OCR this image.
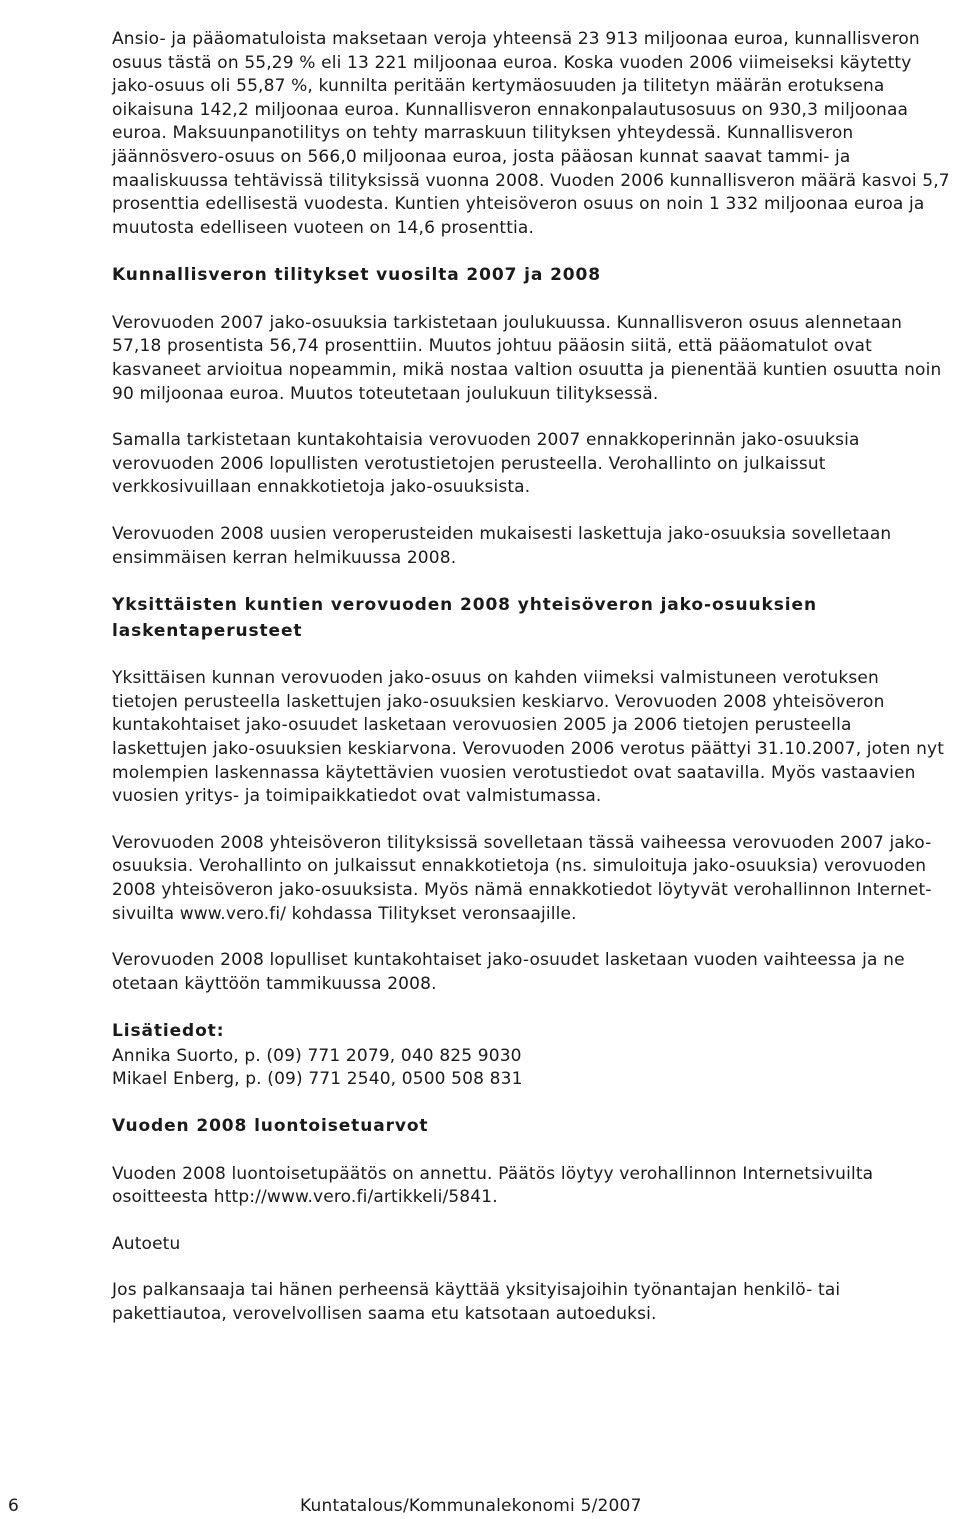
Ansio- ja pääomatuloista maksetaan veroja yhteensä 23 913 miljoonaa euroa, kunnallisveron osuus tästä on 55,29 % eli 13 221 miljoonaa euroa. Koska vuoden 2006 viimeiseksi käytetty jako-osuus oli 55,87 %, kunnilta peritään kertymäosuuden ja tilitetyn määrän erotuksena oikaisuna 142,2 miljoonaa euroa. Kunnallisveron ennakonpalautusosuus on 930,3 miljoonaa euroa. Maksuunpanotilitys on tehty marraskuun tilityksen yhteydessä. Kunnallisveron jäännösvero-osuus on 566,0 miljoonaa euroa, josta pääosan kunnat saavat tammi- ja maaliskuussa tehtävissä tilityksissä vuonna 2008. Vuoden 2006 kunnallisveron määrä kasvoi 5,7 prosenttia edellisestä vuodesta. Kuntien yhteisöveron osuus on noin 1 332 miljoonaa euroa ja muutosta edelliseen vuoteen on 14,6 prosenttia.

Kunnallisveron tilitykset vuosilta 2007 ja 2008

Verovuoden 2007 jako-osuuksia tarkistetaan joulukuussa. Kunnallisveron osuus alennetaan 57,18 prosentista 56,74 prosenttiin. Muutos johtuu pääosin siitä, että pääomatulot ovat kasvaneet arvioitua nopeammin, mikä nostaa valtion osuutta ja pienentää kuntien osuutta noin 90 miljoonaa euroa. Muutos toteutetaan joulukuun tilityksessä.

Samalla tarkistetaan kuntakohtaisia verovuoden 2007 ennakkoperinnän jako-osuuksia verovuoden 2006 lopullisten verotustietojen perusteella. Verohallinto on julkaissut verkkosivuillaan ennakkotietoja jako-osuuksista.

Verovuoden 2008 uusien veroperusteiden mukaisesti laskettuja jako-osuuksia sovelletaan ensimmäisen kerran helmikuussa 2008.

Yksittäisten kuntien verovuoden 2008 yhteisöveron jako-osuuksien laskentaperusteet

Yksittäisen kunnan verovuoden jako-osuus on kahden viimeksi valmistuneen verotuksen tietojen perusteella laskettujen jako-osuuksien keskiarvo. Verovuoden 2008 yhteisöveron kuntakohtaiset jako-osuudet lasketaan verovuosien 2005 ja 2006 tietojen perusteella laskettujen jako-osuuksien keskiarvona. Verovuoden 2006 verotus päättyi 31.10.2007, joten nyt molempien laskennassa käytettävien vuosien verotustiedot ovat saatavilla. Myös vastaavien vuosien yritys- ja toimipaikkatiedot ovat valmistumassa.

Verovuoden 2008 yhteisöveron tilityksissä sovelletaan tässä vaiheessa verovuoden 2007 jako-osuuksia. Verohallinto on julkaissut ennakkotietoja (ns. simuloituja jako-osuuksia) verovuoden 2008 yhteisöveron jako-osuuksista. Myös nämä ennakkotiedot löytyvät verohallinnon Internet-sivuilta www.vero.fi/ kohdassa Tilitykset veronsaajille.

Verovuoden 2008 lopulliset kuntakohtaiset jako-osuudet lasketaan vuoden vaihteessa ja ne otetaan käyttöön tammikuussa 2008.

Lisätiedot:

Annika Suorto, p. (09) 771 2079, 040 825 9030

Mikael Enberg, p. (09) 771 2540, 0500 508 831

Vuoden 2008 luontoisetuarvot

Vuoden 2008 luontoisetupäätös on annettu. Päätös löytyy verohallinnon Internetsivuilta osoitteesta http://www.vero.fi/artikkeli/5841.

Autoetu

Jos palkansaaja tai hänen perheensä käyttää yksityisajoihin työnantajan henkilö- tai pakettiautoa, verovelvollisen saama etu katsotaan autoeduksi.

6	Kuntatalous/Kommunalekonomi 5/2007
